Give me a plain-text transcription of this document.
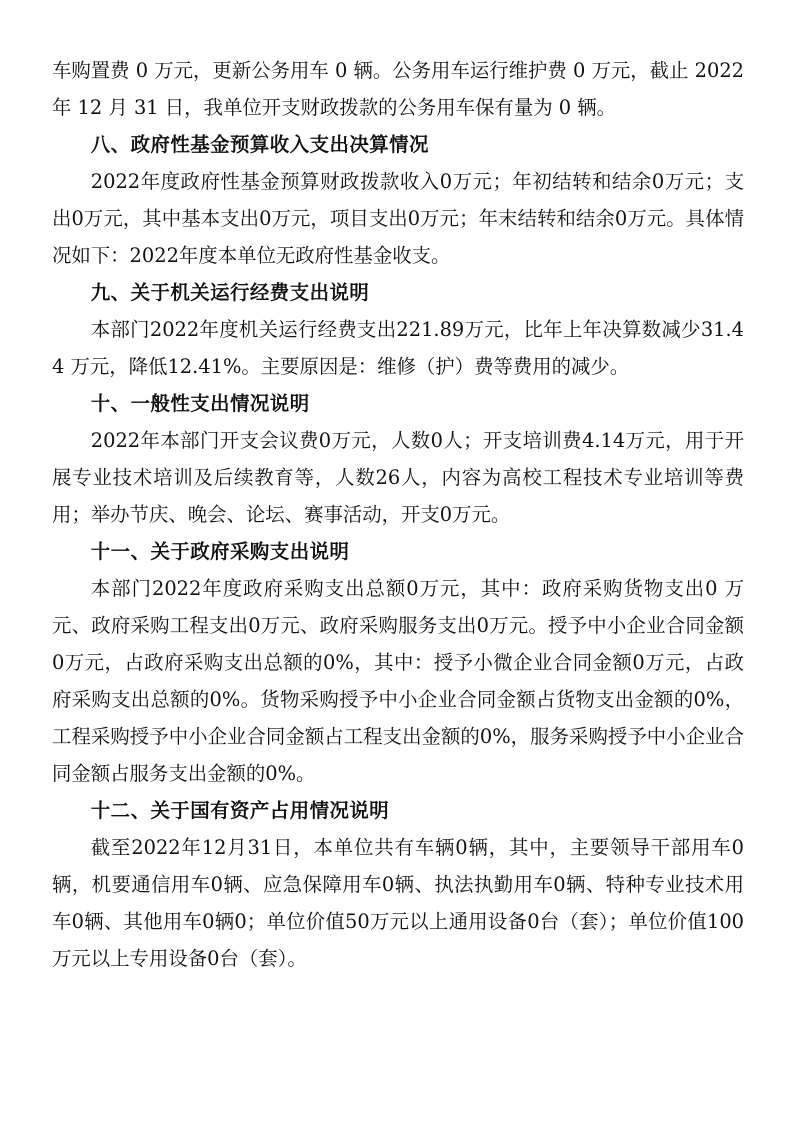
车购置费 0 万元，更新公务用车 0 辆。公务用车运行维护费 0 万元，截止 2022 年 12 月 31 日，我单位开支财政拨款的公务用车保有量为 0 辆。

八、政府性基金预算收入支出决算情况

2022年度政府性基金预算财政拨款收入0万元；年初结转和结余0万元；支出0万元，其中基本支出0万元，项目支出0万元；年末结转和结余0万元。具体情况如下：2022年度本单位无政府性基金收支。

九、关于机关运行经费支出说明

本部门2022年度机关运行经费支出221.89万元，比年上年决算数减少31.44 万元，降低12.41%。主要原因是：维修（护）费等费用的减少。

十、一般性支出情况说明

2022年本部门开支会议费0万元，人数0人；开支培训费4.14万元，用于开展专业技术培训及后续教育等，人数26人，内容为高校工程技术专业培训等费用；举办节庆、晚会、论坛、赛事活动，开支0万元。

十一、关于政府采购支出说明

本部门2022年度政府采购支出总额0万元，其中：政府采购货物支出0 万元、政府采购工程支出0万元、政府采购服务支出0万元。授予中小企业合同金额0万元，占政府采购支出总额的0%，其中：授予小微企业合同金额0万元，占政府采购支出总额的0%。货物采购授予中小企业合同金额占货物支出金额的0%，工程采购授予中小企业合同金额占工程支出金额的0%，服务采购授予中小企业合同金额占服务支出金额的0%。

十二、关于国有资产占用情况说明

截至2022年12月31日，本单位共有车辆0辆，其中，主要领导干部用车0辆，机要通信用车0辆、应急保障用车0辆、执法执勤用车0辆、特种专业技术用车0辆、其他用车0辆0；单位价值50万元以上通用设备0台（套）；单位价值100万元以上专用设备0台（套）。
